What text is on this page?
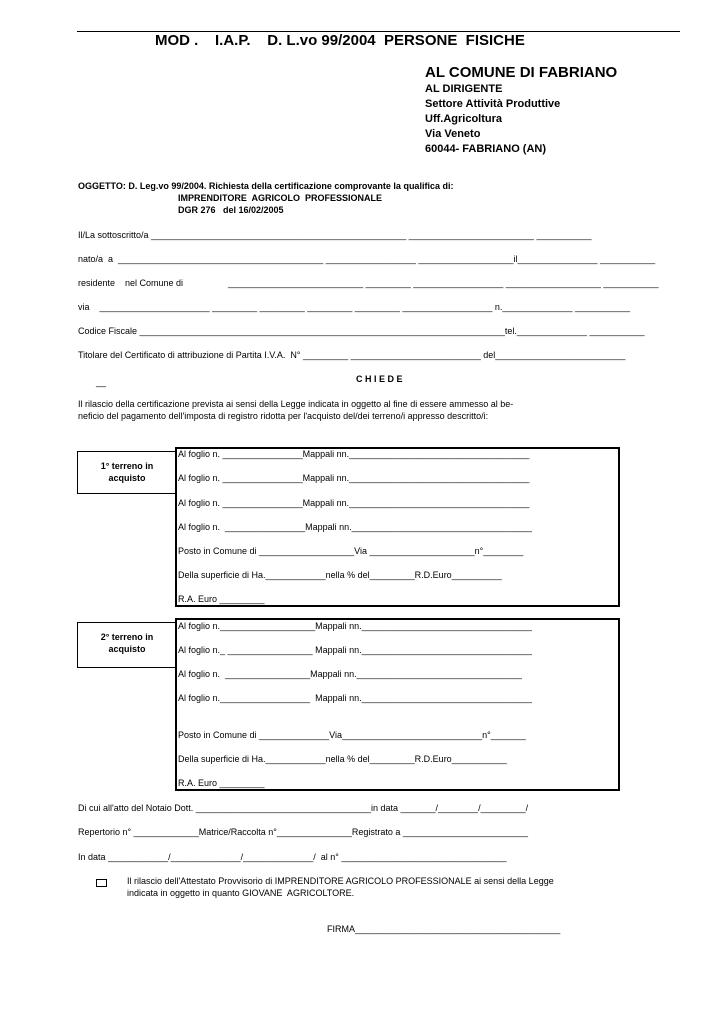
MOD .    I.A.P.    D. L.vo 99/2004  PERSONE  FISICHE
AL COMUNE DI FABRIANO
AL DIRIGENTE
Settore Attività Produttive
Uff.Agricoltura
Via Veneto
60044- FABRIANO (AN)
OGGETTO: D. Leg.vo 99/2004. Richiesta della certificazione comprovante la qualifica di:
IMPRENDITORE  AGRICOLO  PROFESSIONALE
DGR 276   del 16/02/2005
Il/La sottoscritto/a ___________________________________________________ _________________________ ___________
nato/a  a  _________________________________________ __________________ ___________________il________________ ___________
residente    nel Comune di	___________________________ _________ __________________ ___________________ ___________
via    ______________________ _________ _________ _________ _________ __________________ n.______________ ___________
Codice Fiscale _________________________________________________________________________tel.______________ ___________
Titolare del Certificato di attribuzione di Partita I.V.A.  N° _________ __________________________ del__________________________
__	C H I E D E
Il rilascio della certificazione prevista ai sensi della Legge indicata in oggetto al fine di essere ammesso al be-
neficio del pagamento dell'imposta di registro ridotta per l'acquisto del/dei terreno/i appresso descritto/i:
1° terreno in acquisto
Al foglio n. ________________Mappali nn.____________________________________
Al foglio n. ________________Mappali nn.____________________________________
Al foglio n. ________________Mappali nn.____________________________________
Al foglio n.  ________________Mappali nn.____________________________________
Posto in Comune di ___________________Via _____________________n°________
Della superficie di Ha.____________nella % del_________R.D.Euro__________
R.A. Euro _________
2° terreno in acquisto
Al foglio n.___________________Mappali nn.__________________________________
Al foglio n._ _________________ Mappali nn.__________________________________
Al foglio n.  _________________Mappali nn._________________________________
Al foglio n.__________________  Mappali nn.__________________________________
Posto in Comune di ______________Via____________________________n°_______
Della superficie di Ha.____________nella % del_________R.D.Euro___________
R.A. Euro _________
Di cui all'atto del Notaio Dott. ___________________________________in data _______/________/_________/
Repertorio n° _____________Matrice/Raccolta n°_______________Registrato a _________________________
In data ____________/______________/______________/  al n° _________________________________
Il rilascio dell'Attestato Provvisorio di IMPRENDITORE AGRICOLO PROFESSIONALE ai sensi della Legge
indicata in oggetto in quanto GIOVANE  AGRICOLTORE.
FIRMA_________________________________________
